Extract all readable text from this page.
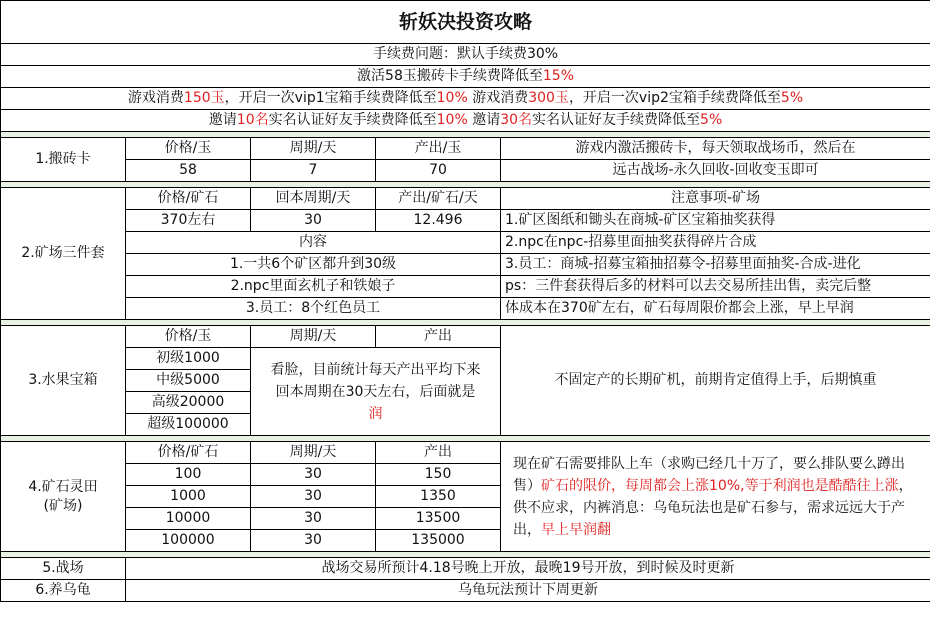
斩妖决投资攻略				
手续费问题：默认手续费30%				
激活58玉搬砖卡手续费降低至15%				
游戏消费150玉，开启一次vip1宝箱手续费降低至10% 游戏消费300玉，开启一次vip2宝箱手续费降低至5%				
邀请10名实名认证好友手续费降低至10% 邀请30名实名认证好友手续费降低至5%				

1.搬砖卡	价格/玉	周期/天	产出/玉	游戏内激活搬砖卡，每天领取战场币，然后在
	58	7	70	远古战场-永久回收-回收变玉即可

2.矿场三件套	价格/矿石	回本周期/天	产出/矿石/天	注意事项-矿场
	370左右	30	12.496	1.矿区图纸和锄头在商城-矿区宝箱抽奖获得
	内容			2.npc在npc-招募里面抽奖获得碎片合成
	1.一共6个矿区都升到30级			3.员工：商城-招募宝箱抽招募令-招募里面抽奖-合成-进化
	2.npc里面玄机子和铁娘子			ps：三件套获得后多的材料可以去交易所挂出售，卖完后整
	3.员工：8个红色员工			体成本在370矿左右，矿石每周限价都会上涨，早上早润

3.水果宝箱	价格/玉	周期/天	产出	不固定产的长期矿机，前期肯定值得上手，后期慎重
	初级1000	看脸，目前统计每天产出平均下来
回本周期在30天左右，后面就是
润		
	中级5000			
	高级20000			
	超级100000			

4.矿石灵田
(矿场)	价格/矿石	周期/天	产出	现在矿石需要排队上车（求购已经几十万了，要么排队要么蹲出售）矿石的限价，每周都会上涨10%,等于利润也是酷酷往上涨，供不应求，内裤消息：乌龟玩法也是矿石参与，需求远远大于产出，早上早润翻
	100	30	150	
	1000	30	1350	
	10000	30	13500	
	100000	30	135000	

5.战场	战场交易所预计4.18号晚上开放，最晚19号开放，到时候及时更新			
6.养乌龟	乌龟玩法预计下周更新			
